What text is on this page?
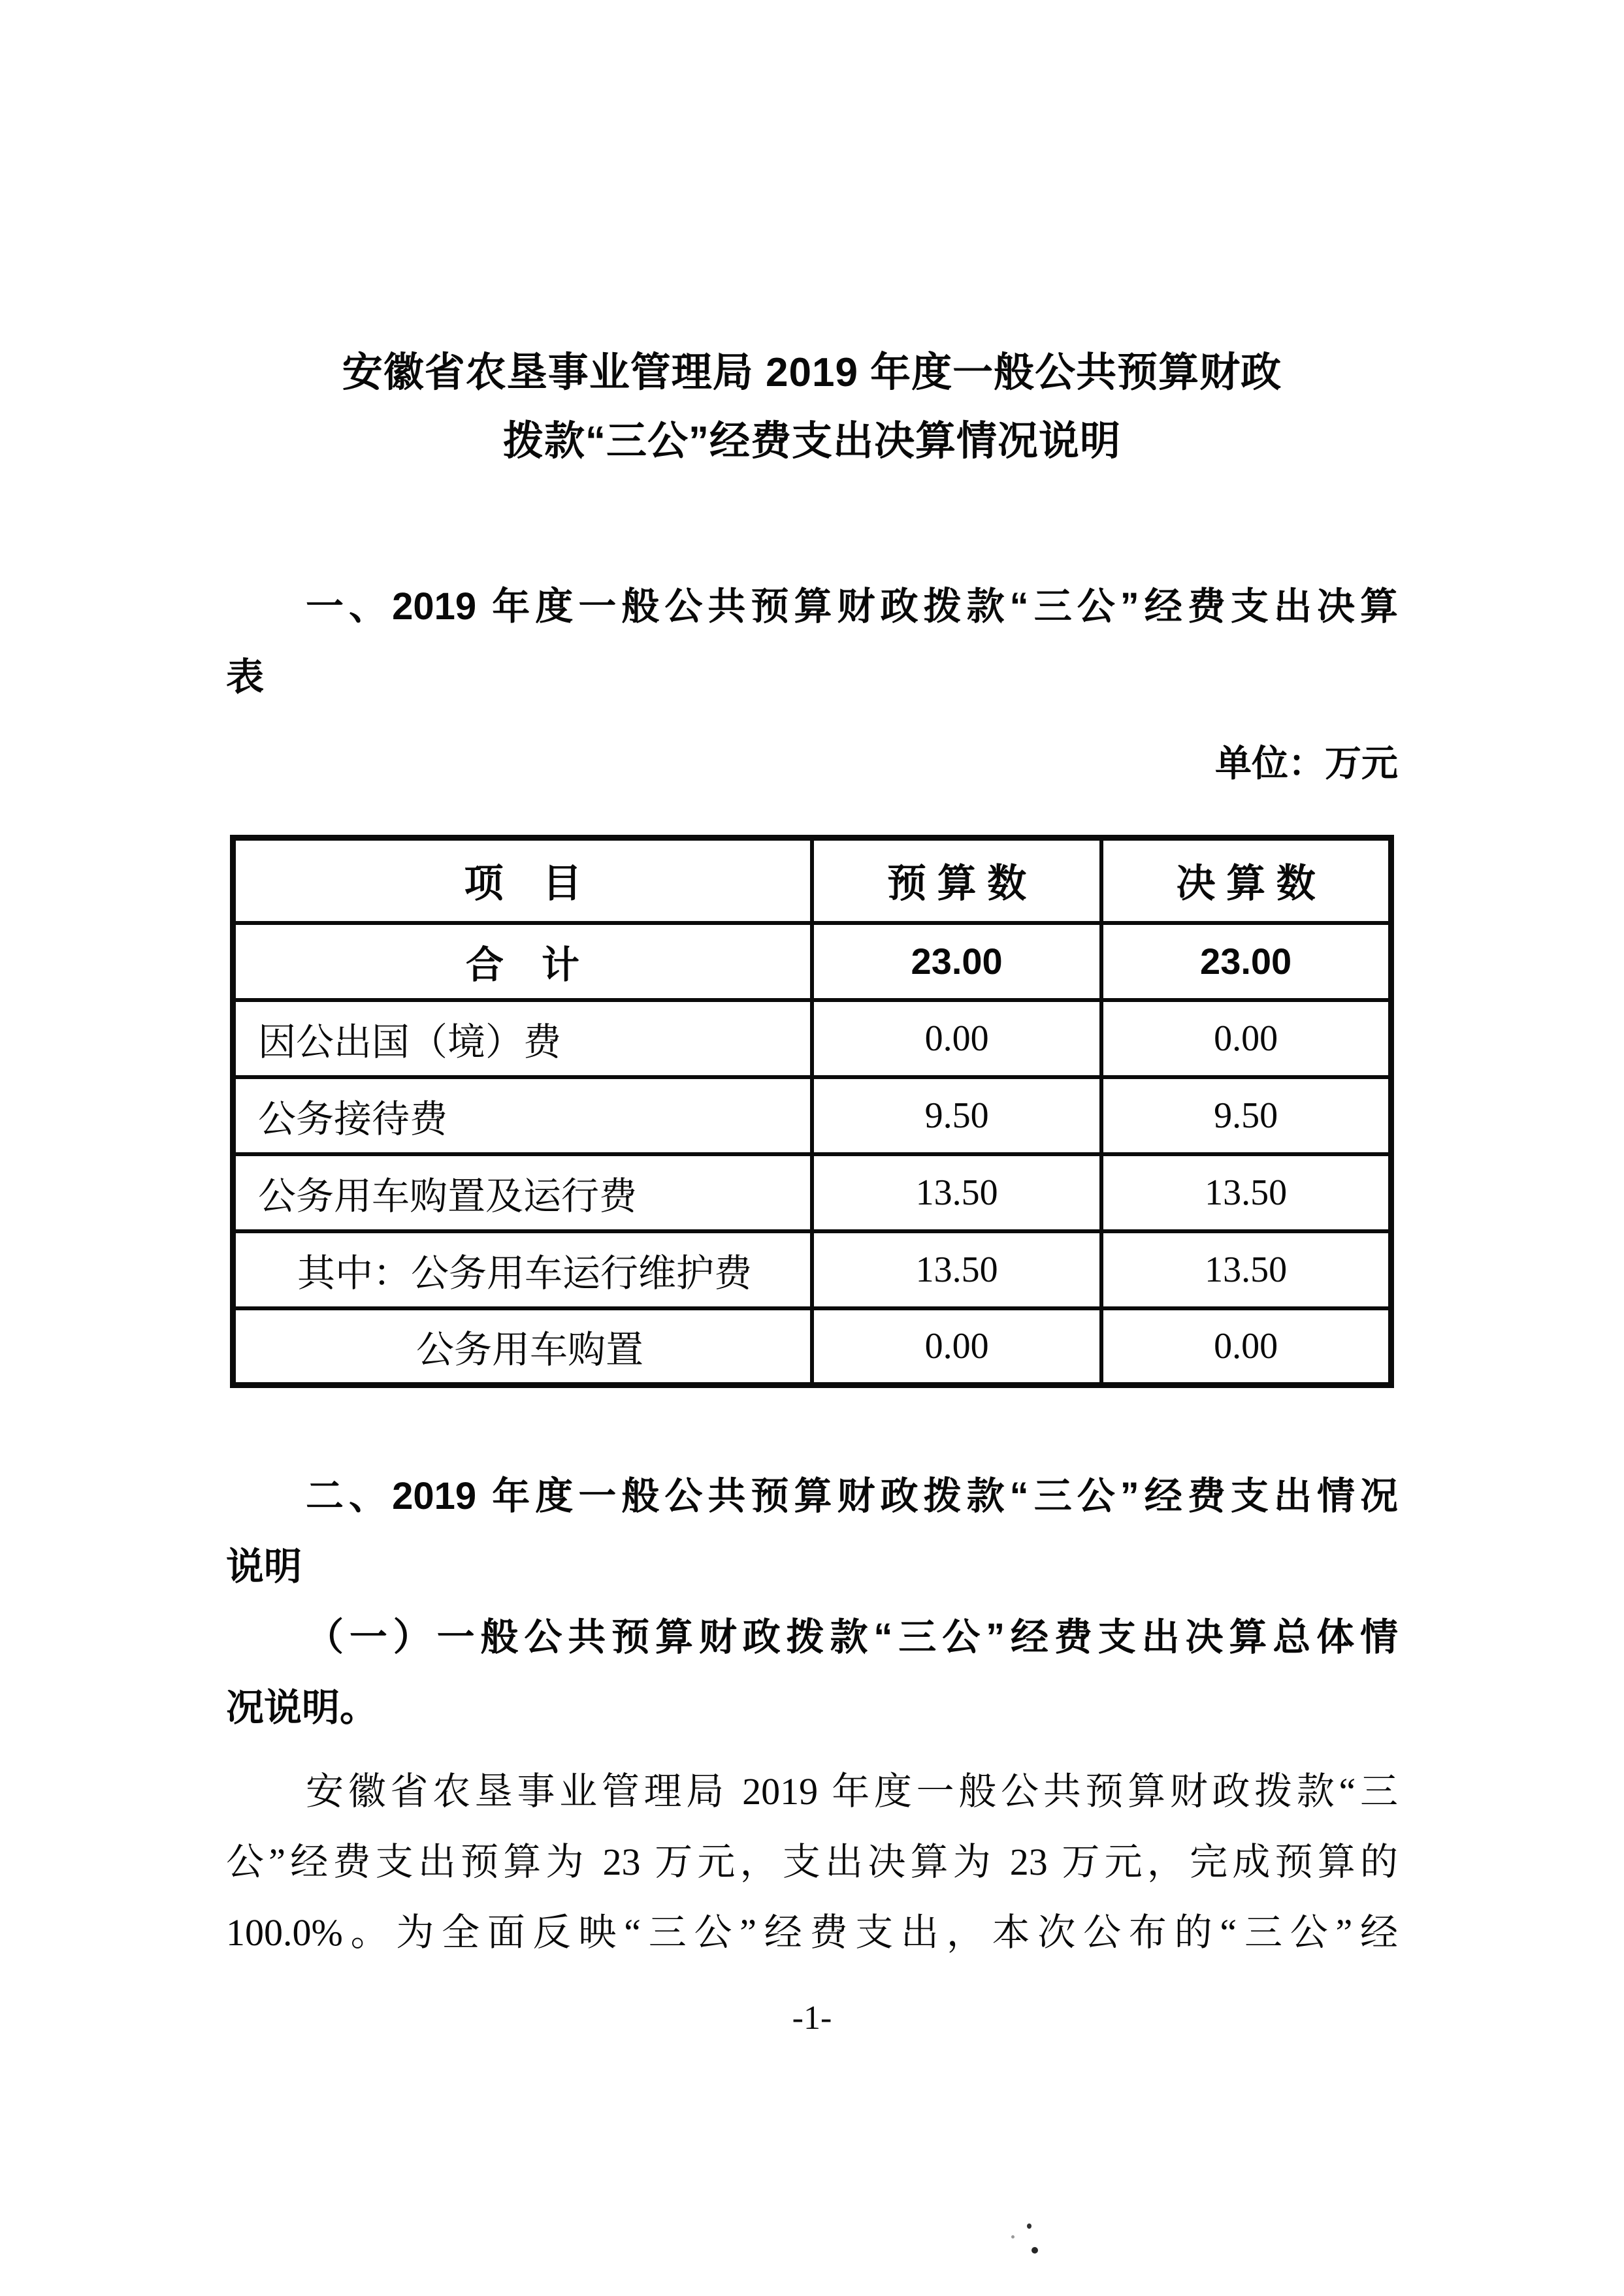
安徽省农垦事业管理局 2019 年度一般公共预算财政
拨款“三公”经费支出决算情况说明
一、2019 年度一般公共预算财政拨款“三公”经费支出决算
表
单位：万元
项　目	预 算 数	决 算 数
合　计	23.00	23.00
因公出国（境）费	0.00	0.00
公务接待费	9.50	9.50
公务用车购置及运行费	13.50	13.50
其中：公务用车运行维护费	13.50	13.50
公务用车购置	0.00	0.00
二、2019 年度一般公共预算财政拨款“三公”经费支出情况
说明
（一）一般公共预算财政拨款“三公”经费支出决算总体情
况说明。
安徽省农垦事业管理局 2019 年度一般公共预算财政拨款“三
公”经费支出预算为 23 万元，支出决算为 23 万元，完成预算的
100.0%。为全面反映“三公”经费支出，本次公布的“三公”经
-1-
